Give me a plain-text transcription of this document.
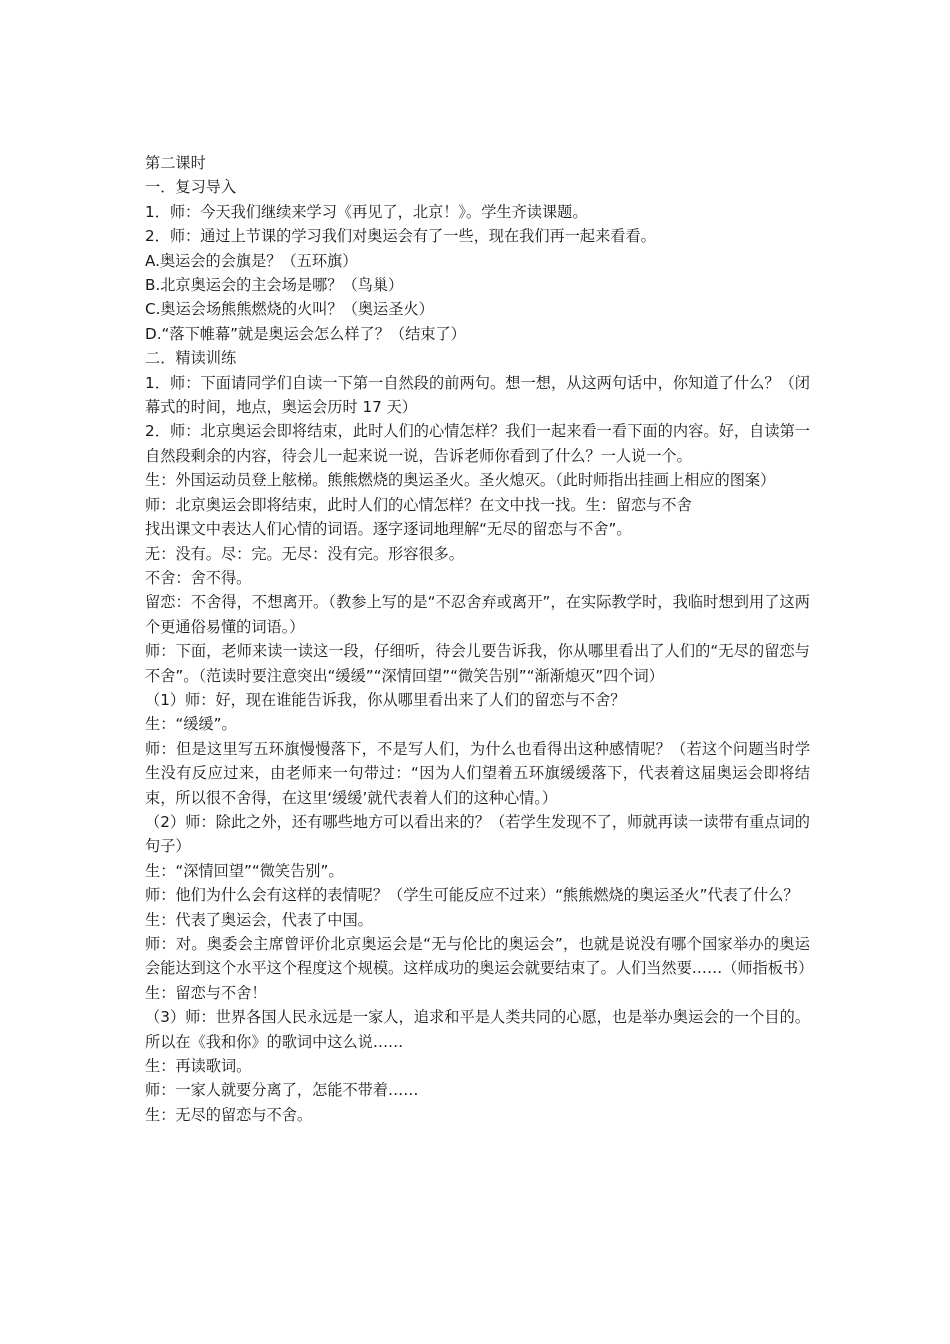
第二课时

一．复习导入

1．师：今天我们继续来学习《再见了，北京！》。学生齐读课题。

2．师：通过上节课的学习我们对奥运会有了一些，现在我们再一起来看看。

A.奥运会的会旗是？（五环旗）

B.北京奥运会的主会场是哪？（鸟巢）

C.奥运会场熊熊燃烧的火叫？（奥运圣火）

D.“落下帷幕”就是奥运会怎么样了？（结束了）

二．精读训练

1．师：下面请同学们自读一下第一自然段的前两句。想一想，从这两句话中，你知道了什么？（闭幕式的时间，地点，奥运会历时 17 天）

2．师：北京奥运会即将结束，此时人们的心情怎样？我们一起来看一看下面的内容。好，自读第一自然段剩余的内容，待会儿一起来说一说，告诉老师你看到了什么？一人说一个。

生：外国运动员登上舷梯。熊熊燃烧的奥运圣火。圣火熄灭。（此时师指出挂画上相应的图案）

师：北京奥运会即将结束，此时人们的心情怎样？在文中找一找。生：留恋与不舍

找出课文中表达人们心情的词语。逐字逐词地理解“无尽的留恋与不舍”。

无：没有。尽：完。无尽：没有完。形容很多。

不舍：舍不得。

留恋：不舍得，不想离开。（教参上写的是“不忍舍弃或离开”，在实际教学时，我临时想到用了这两个更通俗易懂的词语。）

师：下面，老师来读一读这一段，仔细听，待会儿要告诉我，你从哪里看出了人们的“无尽的留恋与不舍”。（范读时要注意突出“缓缓”“深情回望”“微笑告别”“渐渐熄灭”四个词）

（1）师：好，现在谁能告诉我，你从哪里看出来了人们的留恋与不舍？

生：“缓缓”。

师：但是这里写五环旗慢慢落下，不是写人们，为什么也看得出这种感情呢？（若这个问题当时学生没有反应过来，由老师来一句带过：“因为人们望着五环旗缓缓落下，代表着这届奥运会即将结束，所以很不舍得，在这里‘缓缓’就代表着人们的这种心情。）

（2）师：除此之外，还有哪些地方可以看出来的？（若学生发现不了，师就再读一读带有重点词的句子）

生：“深情回望”“微笑告别”。

师：他们为什么会有这样的表情呢？（学生可能反应不过来）“熊熊燃烧的奥运圣火”代表了什么？

生：代表了奥运会，代表了中国。

师：对。奥委会主席曾评价北京奥运会是“无与伦比的奥运会”，也就是说没有哪个国家举办的奥运会能达到这个水平这个程度这个规模。这样成功的奥运会就要结束了。人们当然要……（师指板书）

生：留恋与不舍！

（3）师：世界各国人民永远是一家人，追求和平是人类共同的心愿，也是举办奥运会的一个目的。所以在《我和你》的歌词中这么说……

生：再读歌词。

师：一家人就要分离了，怎能不带着……

生：无尽的留恋与不舍。
